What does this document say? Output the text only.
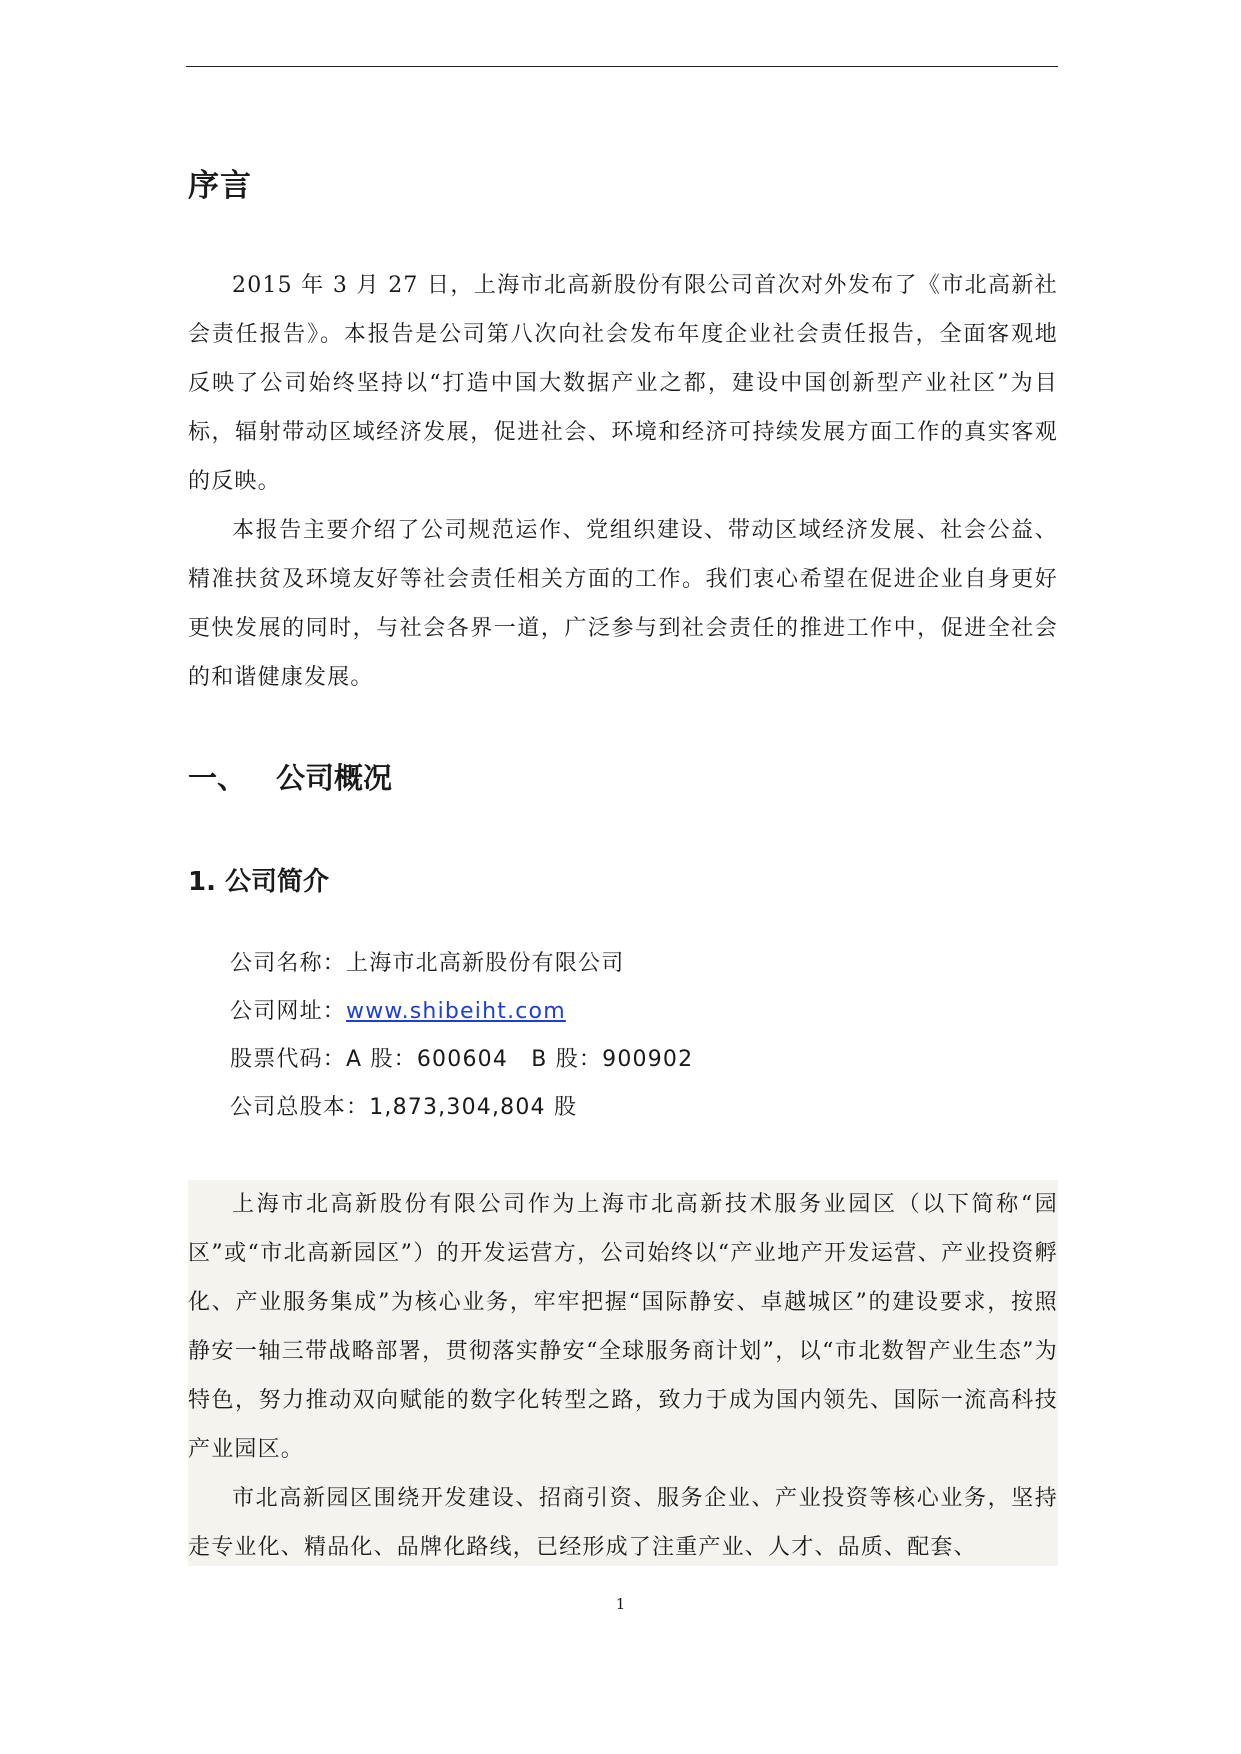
序言

2015 年 3 月 27 日，上海市北高新股份有限公司首次对外发布了《市北高新社会责任报告》。本报告是公司第八次向社会发布年度企业社会责任报告，全面客观地反映了公司始终坚持以“打造中国大数据产业之都，建设中国创新型产业社区”为目标，辐射带动区域经济发展，促进社会、环境和经济可持续发展方面工作的真实客观的反映。

本报告主要介绍了公司规范运作、党组织建设、带动区域经济发展、社会公益、精准扶贫及环境友好等社会责任相关方面的工作。我们衷心希望在促进企业自身更好更快发展的同时，与社会各界一道，广泛参与到社会责任的推进工作中，促进全社会的和谐健康发展。

一、 公司概况
1. 公司简介
公司名称：上海市北高新股份有限公司
公司网址：www.shibeiht.com
股票代码：A 股：600604　B 股：900902
公司总股本：1,873,304,804 股

上海市北高新股份有限公司作为上海市北高新技术服务业园区（以下简称“园区”或“市北高新园区”）的开发运营方，公司始终以“产业地产开发运营、产业投资孵化、产业服务集成”为核心业务，牢牢把握“国际静安、卓越城区”的建设要求，按照静安一轴三带战略部署，贯彻落实静安“全球服务商计划”，以“市北数智产业生态”为特色，努力推动双向赋能的数字化转型之路，致力于成为国内领先、国际一流高科技产业园区。

市北高新园区围绕开发建设、招商引资、服务企业、产业投资等核心业务，坚持走专业化、精品化、品牌化路线，已经形成了注重产业、人才、品质、配套、

1
